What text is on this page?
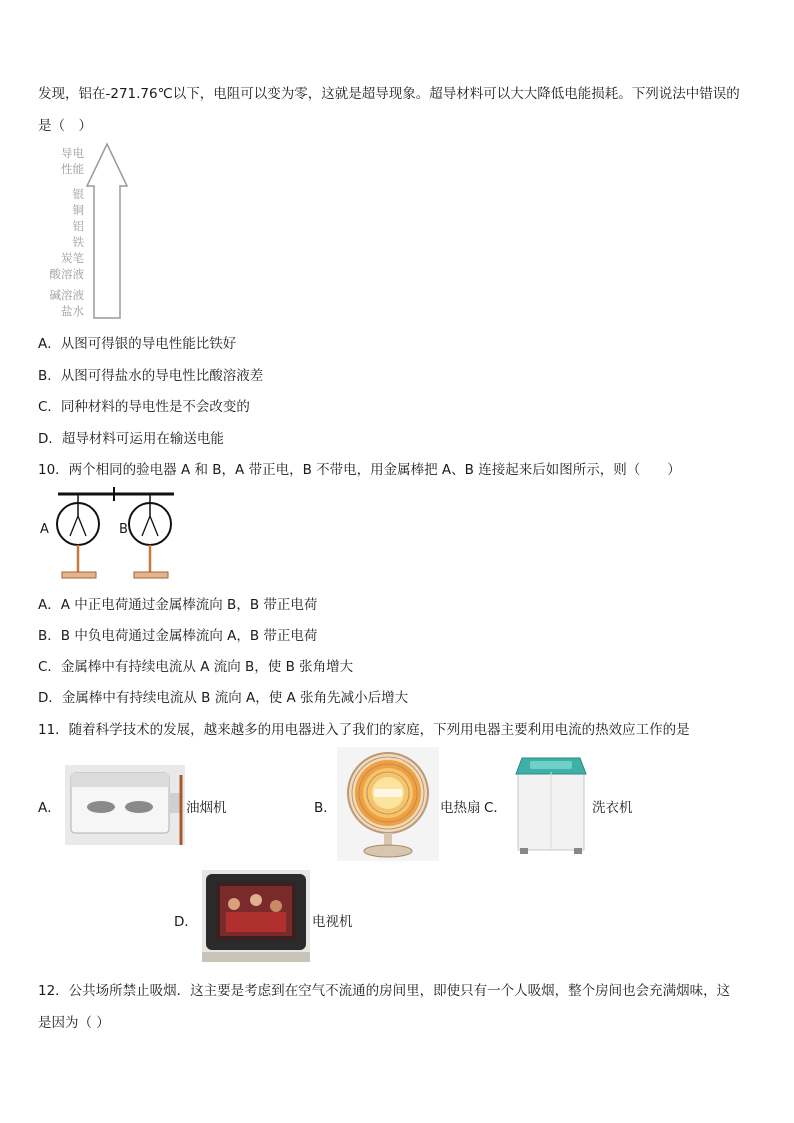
发现，铝在-271.76℃以下，电阻可以变为零，这就是超导现象。超导材料可以大大降低电能损耗。下列说法中错误的
是（　）
导电
性能
银
铜
铝
铁
炭笔
酸溶液
碱溶液
盐水
A．从图可得银的导电性能比铁好
B．从图可得盐水的导电性比酸溶液差
C．同种材料的导电性是不会改变的
D．超导材料可运用在输送电能
10．两个相同的验电器 A 和 B，A 带正电，B 不带电，用金属棒把 A、B 连接起来后如图所示，则（　　）
A	B
A．A 中正电荷通过金属棒流向 B，B 带正电荷
B．B 中负电荷通过金属棒流向 A，B 带正电荷
C．金属棒中有持续电流从 A 流向 B，使 B 张角增大
D．金属棒中有持续电流从 B 流向 A，使 A 张角先减小后增大
11．随着科学技术的发展，越来越多的用电器进入了我们的家庭，下列用电器主要利用电流的热效应工作的是
A．	油烟机	B．	电热扇 C．	洗衣机
D．	电视机
12．公共场所禁止吸烟．这主要是考虑到在空气不流通的房间里，即使只有一个人吸烟，整个房间也会充满烟味，这
是因为（ ）
